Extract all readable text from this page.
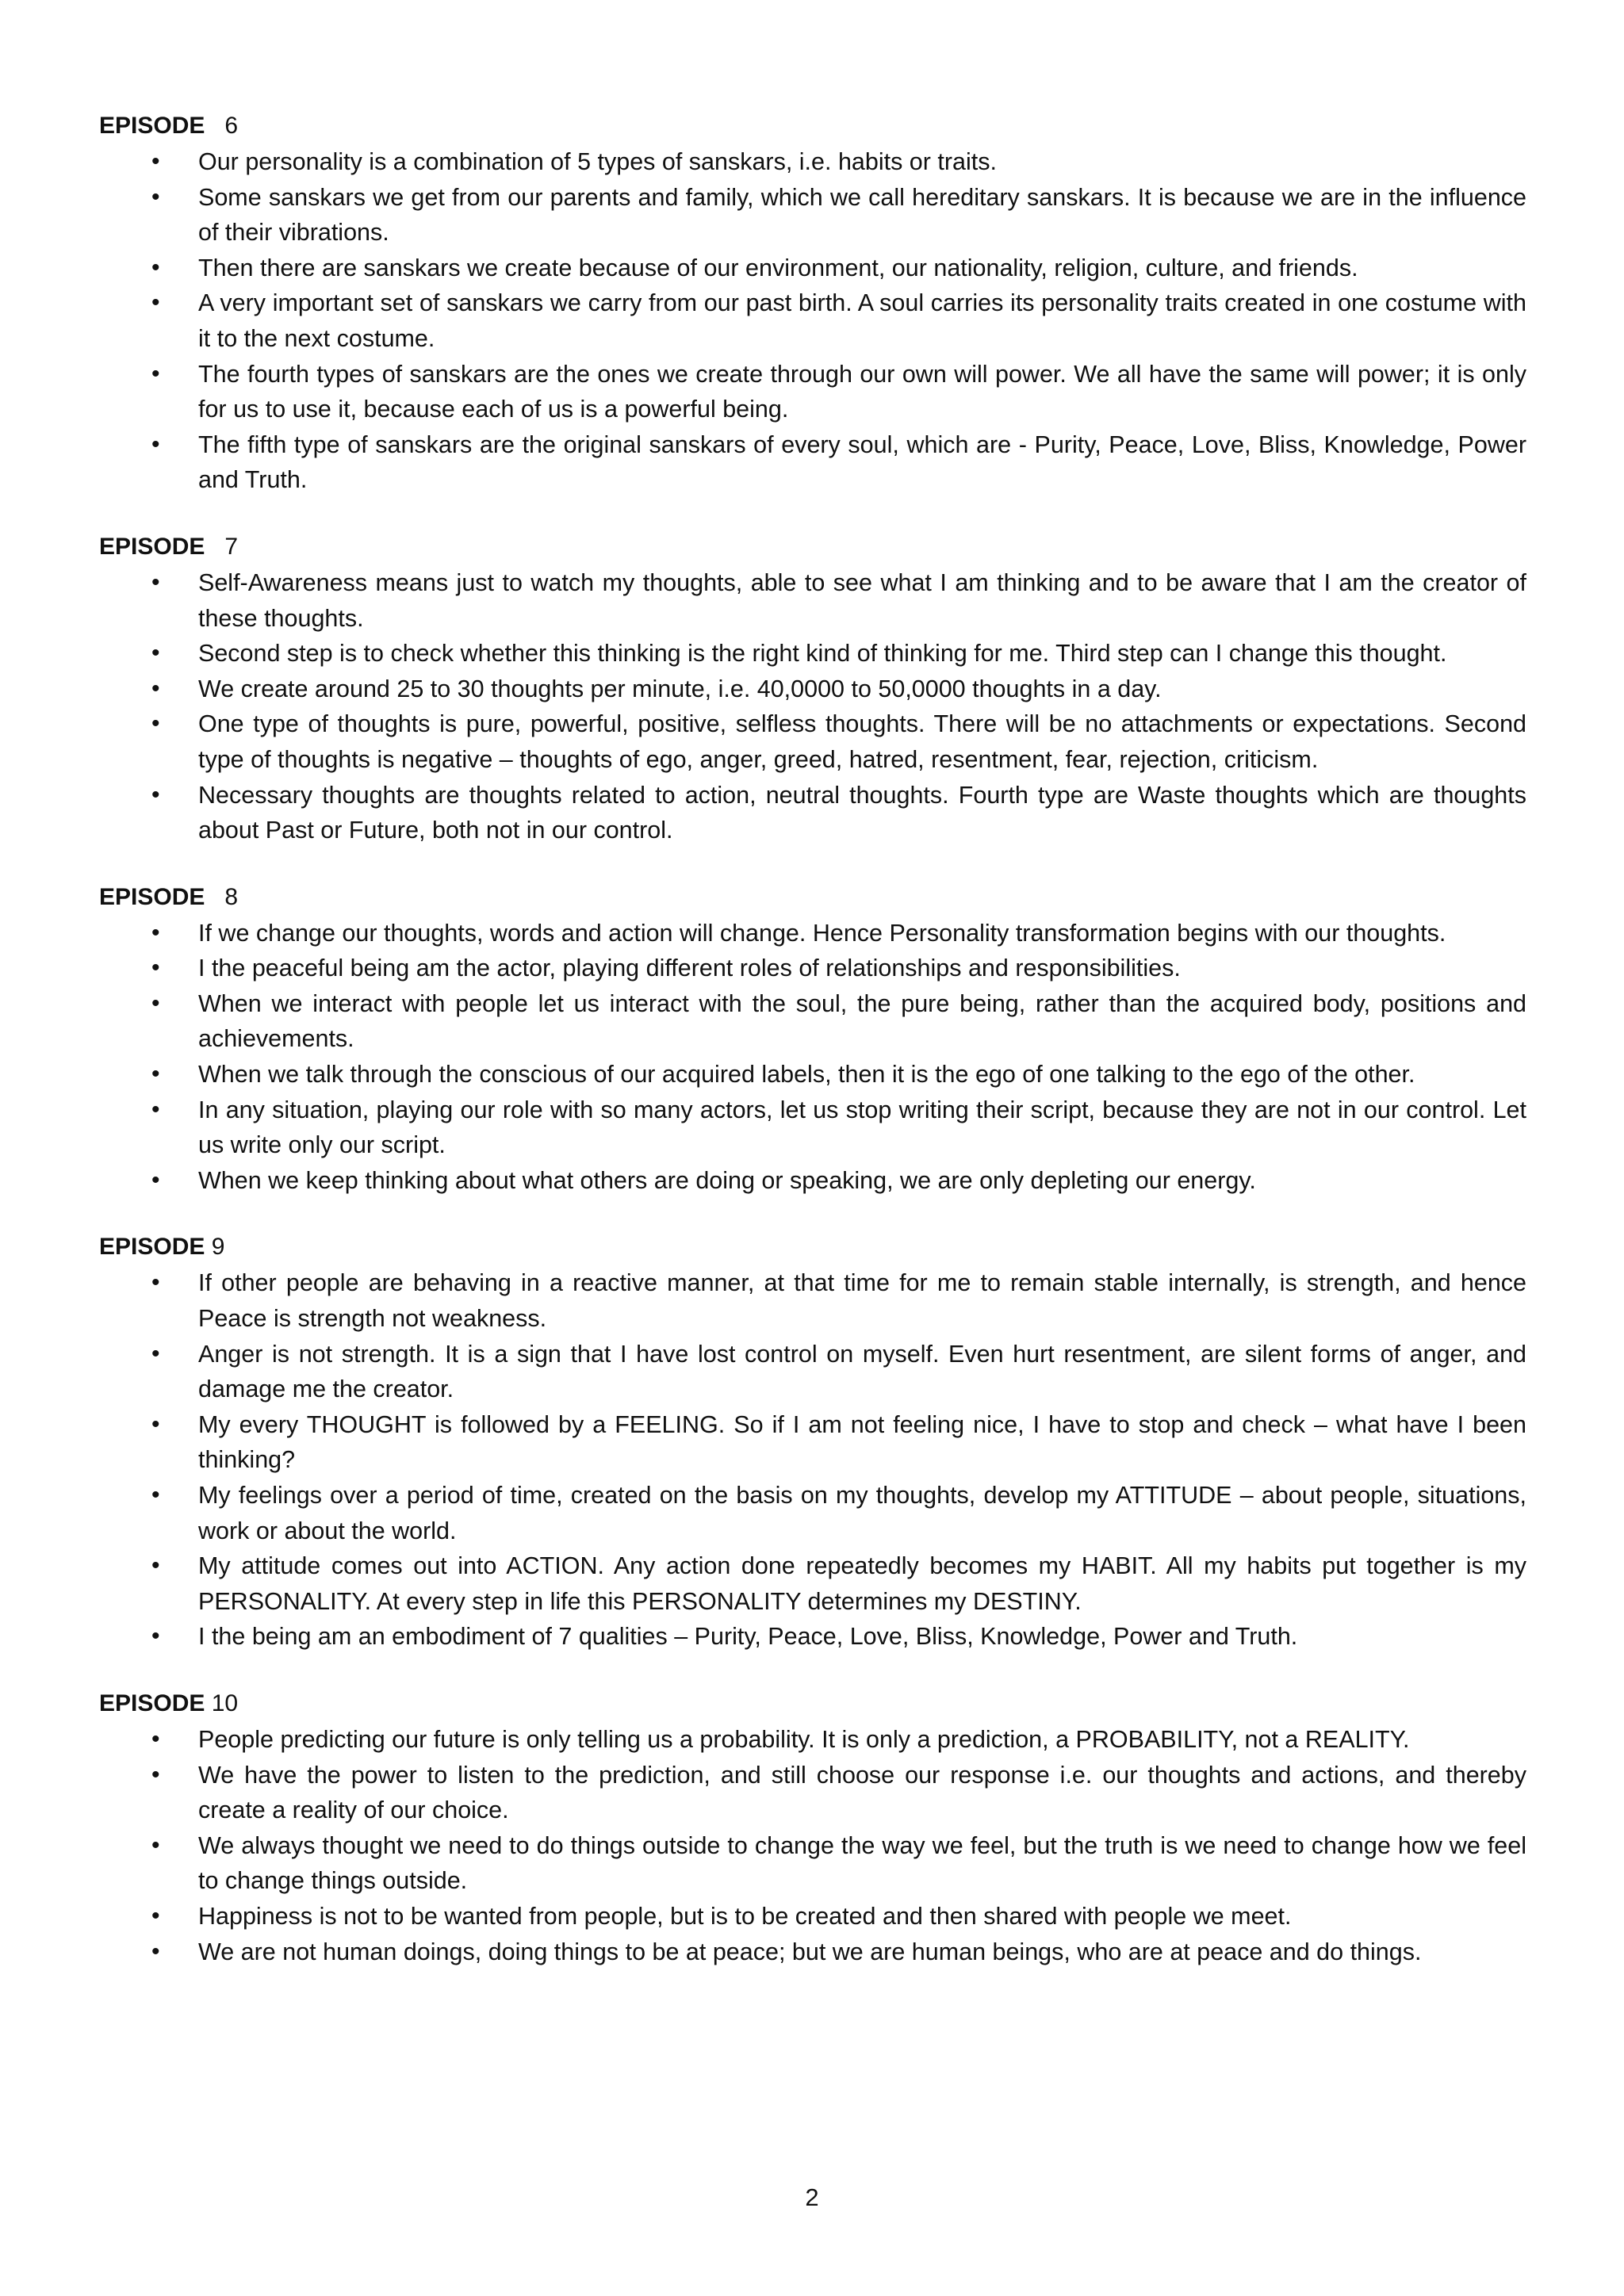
EPISODE 6
• Our personality is a combination of 5 types of sanskars, i.e. habits or traits.
• Some sanskars we get from our parents and family, which we call hereditary sanskars. It is because we are in the influence of their vibrations.
• Then there are sanskars we create because of our environment, our nationality, religion, culture, and friends.
• A very important set of sanskars we carry from our past birth. A soul carries its personality traits created in one costume with it to the next costume.
• The fourth types of sanskars are the ones we create through our own will power. We all have the same will power; it is only for us to use it, because each of us is a powerful being.
• The fifth type of sanskars are the original sanskars of every soul, which are - Purity, Peace, Love, Bliss, Knowledge, Power and Truth.
EPISODE 7
• Self-Awareness means just to watch my thoughts, able to see what I am thinking and to be aware that I am the creator of these thoughts.
• Second step is to check whether this thinking is the right kind of thinking for me. Third step can I change this thought.
• We create around 25 to 30 thoughts per minute, i.e. 40,0000 to 50,0000 thoughts in a day.
• One type of thoughts is pure, powerful, positive, selfless thoughts. There will be no attachments or expectations. Second type of thoughts is negative – thoughts of ego, anger, greed, hatred, resentment, fear, rejection, criticism.
• Necessary thoughts are thoughts related to action, neutral thoughts. Fourth type are Waste thoughts which are thoughts about Past or Future, both not in our control.
EPISODE 8
• If we change our thoughts, words and action will change. Hence Personality transformation begins with our thoughts.
• I the peaceful being am the actor, playing different roles of relationships and responsibilities.
• When we interact with people let us interact with the soul, the pure being, rather than the acquired body, positions and achievements.
• When we talk through the conscious of our acquired labels, then it is the ego of one talking to the ego of the other.
• In any situation, playing our role with so many actors, let us stop writing their script, because they are not in our control. Let us write only our script.
• When we keep thinking about what others are doing or speaking, we are only depleting our energy.
EPISODE 9
• If other people are behaving in a reactive manner, at that time for me to remain stable internally, is strength, and hence Peace is strength not weakness.
• Anger is not strength. It is a sign that I have lost control on myself. Even hurt resentment, are silent forms of anger, and damage me the creator.
• My every THOUGHT is followed by a FEELING. So if I am not feeling nice, I have to stop and check – what have I been thinking?
• My feelings over a period of time, created on the basis on my thoughts, develop my ATTITUDE – about people, situations, work or about the world.
• My attitude comes out into ACTION. Any action done repeatedly becomes my HABIT. All my habits put together is my PERSONALITY. At every step in life this PERSONALITY determines my DESTINY.
• I the being am an embodiment of 7 qualities – Purity, Peace, Love, Bliss, Knowledge, Power and Truth.
EPISODE 10
• People predicting our future is only telling us a probability. It is only a prediction, a PROBABILITY, not a REALITY.
• We have the power to listen to the prediction, and still choose our response i.e. our thoughts and actions, and thereby create a reality of our choice.
• We always thought we need to do things outside to change the way we feel, but the truth is we need to change how we feel to change things outside.
• Happiness is not to be wanted from people, but is to be created and then shared with people we meet.
• We are not human doings, doing things to be at peace; but we are human beings, who are at peace and do things.
2
